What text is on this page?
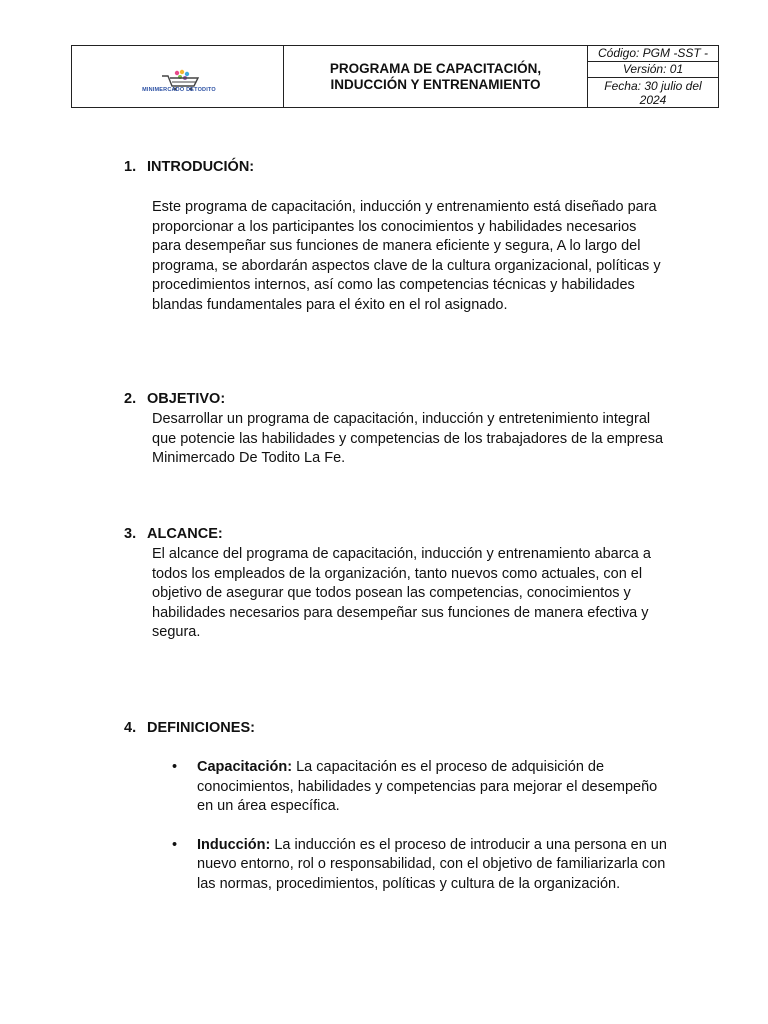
MINIMERCADO DETODITO

PROGRAMA DE CAPACITACIÓN,
INDUCCIÓN Y ENTRENAMIENTO

Código: PGM -SST -
Versión: 01
Fecha: 30 julio del 2024
1. INTRODUCIÓN:
Este programa de capacitación, inducción y entrenamiento está diseñado para proporcionar a los participantes los conocimientos y habilidades necesarios para desempeñar sus funciones de manera eficiente y segura, A lo largo del programa, se abordarán aspectos clave de la cultura organizacional, políticas y procedimientos internos, así como las competencias técnicas y habilidades blandas fundamentales para el éxito en el rol asignado.
2. OBJETIVO:
Desarrollar un programa de capacitación, inducción y entretenimiento integral que potencie las habilidades y competencias de los trabajadores de la empresa Minimercado De Todito La Fe.
3. ALCANCE:
El alcance del programa de capacitación, inducción y entrenamiento abarca a todos los empleados de la organización, tanto nuevos como actuales, con el objetivo de asegurar que todos posean las competencias, conocimientos y habilidades necesarios para desempeñar sus funciones de manera efectiva y segura.
4. DEFINICIONES:
• Capacitación: La capacitación es el proceso de adquisición de conocimientos, habilidades y competencias para mejorar el desempeño en un área específica.
• Inducción: La inducción es el proceso de introducir a una persona en un nuevo entorno, rol o responsabilidad, con el objetivo de familiarizarla con las normas, procedimientos, políticas y cultura de la organización.
